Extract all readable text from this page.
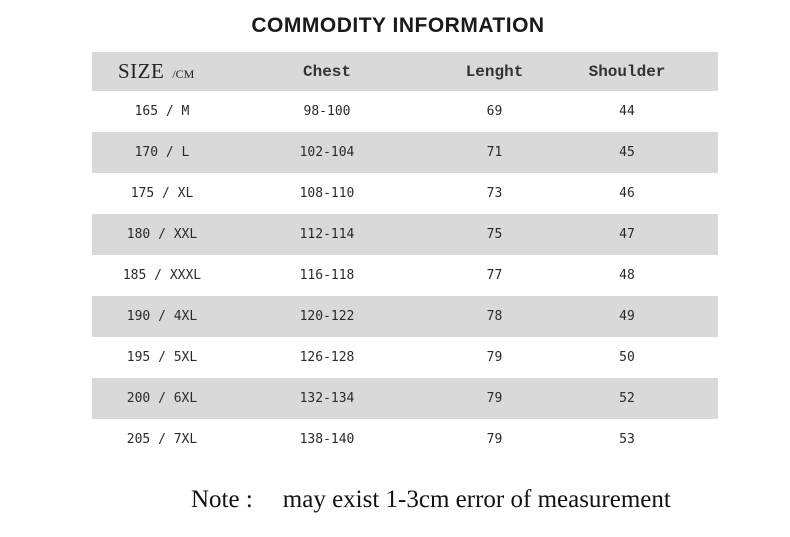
COMMODITY INFORMATION
SIZE /CM	Chest	Lenght	Shoulder
165 / M	98-100	69	44
170 / L	102-104	71	45
175 / XL	108-110	73	46
180 / XXL	112-114	75	47
185 / XXXL	116-118	77	48
190 / 4XL	120-122	78	49
195 / 5XL	126-128	79	50
200 / 6XL	132-134	79	52
205 / 7XL	138-140	79	53
Note : may exist 1-3cm error of measurement
